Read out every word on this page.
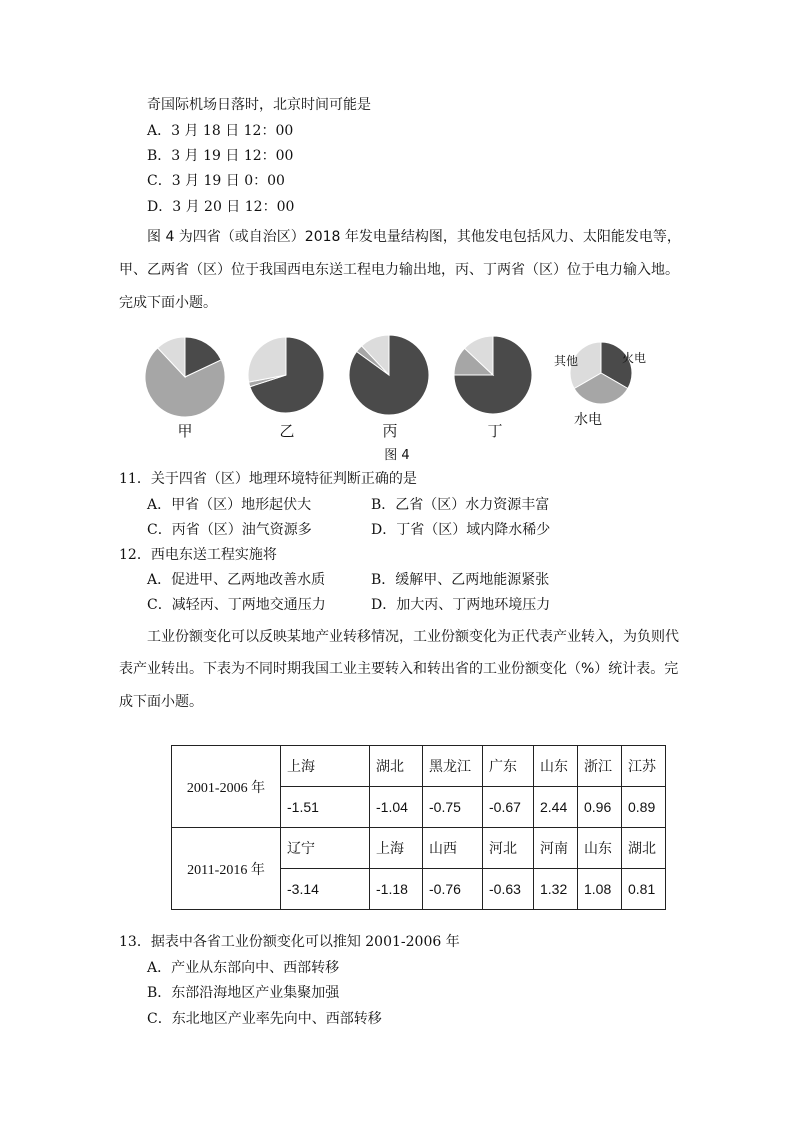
奇国际机场日落时，北京时间可能是
A．3 月 18 日 12：00
B．3 月 19 日 12：00
C．3 月 19 日 0：00
D．3 月 20 日 12：00
图 4 为四省（或自治区）2018 年发电量结构图，其他发电包括风力、太阳能发电等，
甲、乙两省（区）位于我国西电东送工程电力输出地，丙、丁两省（区）位于电力输入地。
完成下面小题。
甲	乙	丙	丁
其他	火电
水电
图 4
11．关于四省（区）地理环境特征判断正确的是
A．甲省（区）地形起伏大	B．乙省（区）水力资源丰富
C．丙省（区）油气资源多	D．丁省（区）域内降水稀少
12．西电东送工程实施将
A．促进甲、乙两地改善水质	B．缓解甲、乙两地能源紧张
C．减轻丙、丁两地交通压力	D．加大丙、丁两地环境压力
工业份额变化可以反映某地产业转移情况，工业份额变化为正代表产业转入，为负则代
表产业转出。下表为不同时期我国工业主要转入和转出省的工业份额变化（%）统计表。完
成下面小题。
2001-2006 年	上海	湖北	黑龙江	广东	山东	浙江	江苏
	-1.51	-1.04	-0.75	-0.67	2.44	0.96	0.89
2011-2016 年	辽宁	上海	山西	河北	河南	山东	湖北
	-3.14	-1.18	-0.76	-0.63	1.32	1.08	0.81
13．据表中各省工业份额变化可以推知 2001-2006 年
A．产业从东部向中、西部转移
B．东部沿海地区产业集聚加强
C．东北地区产业率先向中、西部转移
